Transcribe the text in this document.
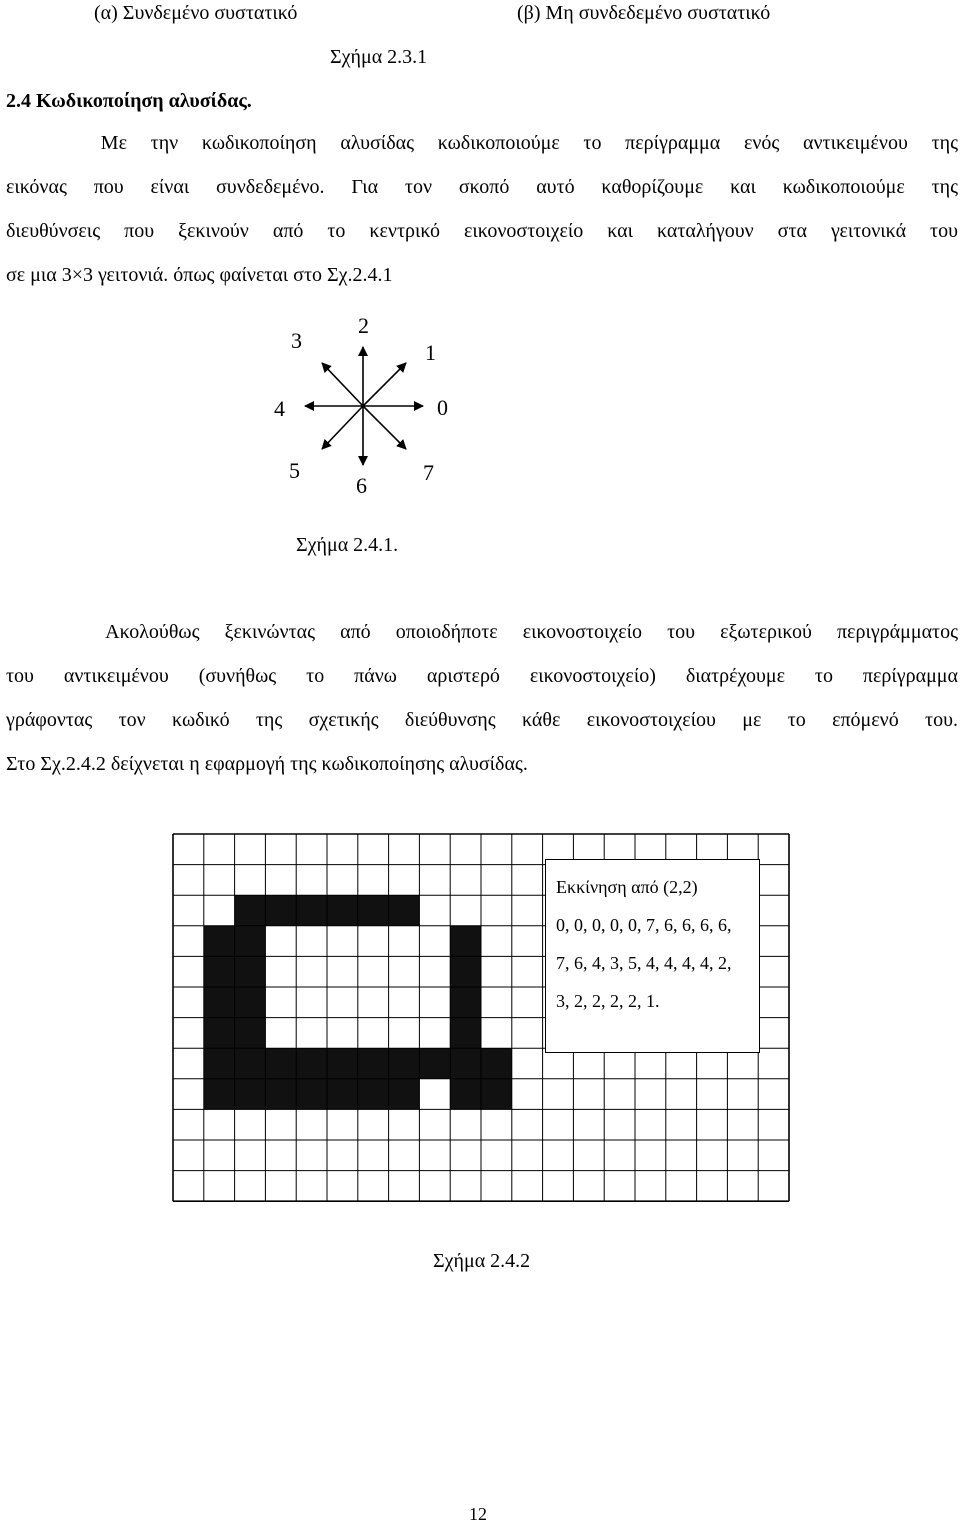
(α) Συνδεμένο συστατικό	(β) Μη συνδεδεμένο συστατικό
Σχήμα 2.3.1
2.4 Κωδικοποίηση αλυσίδας.
Με την κωδικοποίηση αλυσίδας κωδικοποιούμε το περίγραμμα ενός αντικειμένου της
εικόνας που είναι συνδεδεμένο. Για τον σκοπό αυτό καθορίζουμε και κωδικοποιούμε της
διευθύνσεις που ξεκινούν από το κεντρικό εικονοστοιχείο και καταλήγουν στα γειτονικά του
σε μια 3×3 γειτονιά. όπως φαίνεται στο Σχ.2.4.1
0
1
2
3
4
5
6
7
Σχήμα 2.4.1.
Ακολούθως ξεκινώντας από οποιοδήποτε εικονοστοιχείο του εξωτερικού περιγράμματος
του αντικειμένου (συνήθως το πάνω αριστερό εικονοστοιχείο) διατρέχουμε το περίγραμμα
γράφοντας τον κωδικό της σχετικής διεύθυνσης κάθε εικονοστοιχείου με το επόμενό του.
Στο Σχ.2.4.2 δείχνεται η εφαρμογή της κωδικοποίησης αλυσίδας.
Εκκίνηση από (2,2)
0, 0, 0, 0, 0, 7, 6, 6, 6, 6,
7, 6, 4, 3, 5, 4, 4, 4, 4, 2,
3, 2, 2, 2, 2, 1.
Σχήμα 2.4.2
12
